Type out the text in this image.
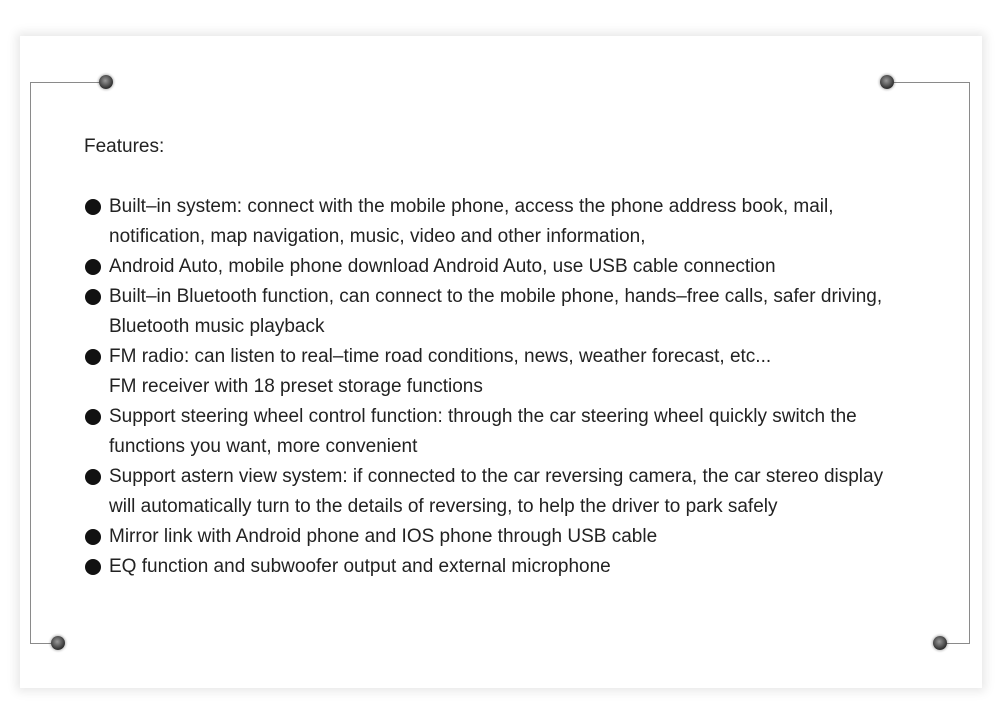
Features:
Built–in system: connect with the mobile phone, access the phone address book, mail,
notification, map navigation, music, video and other information,
Android Auto, mobile phone download Android Auto, use USB cable connection
Built–in Bluetooth function, can connect to the mobile phone, hands–free calls, safer driving,
Bluetooth music playback
FM radio: can listen to real–time road conditions, news, weather forecast, etc...
FM receiver with 18 preset storage functions
Support steering wheel control function: through the car steering wheel quickly switch the
functions you want, more convenient
Support astern view system: if connected to the car reversing camera, the car stereo display
will automatically turn to the details of reversing, to help the driver to park safely
Mirror link with Android phone and IOS phone through USB cable
EQ function and subwoofer output and external microphone
